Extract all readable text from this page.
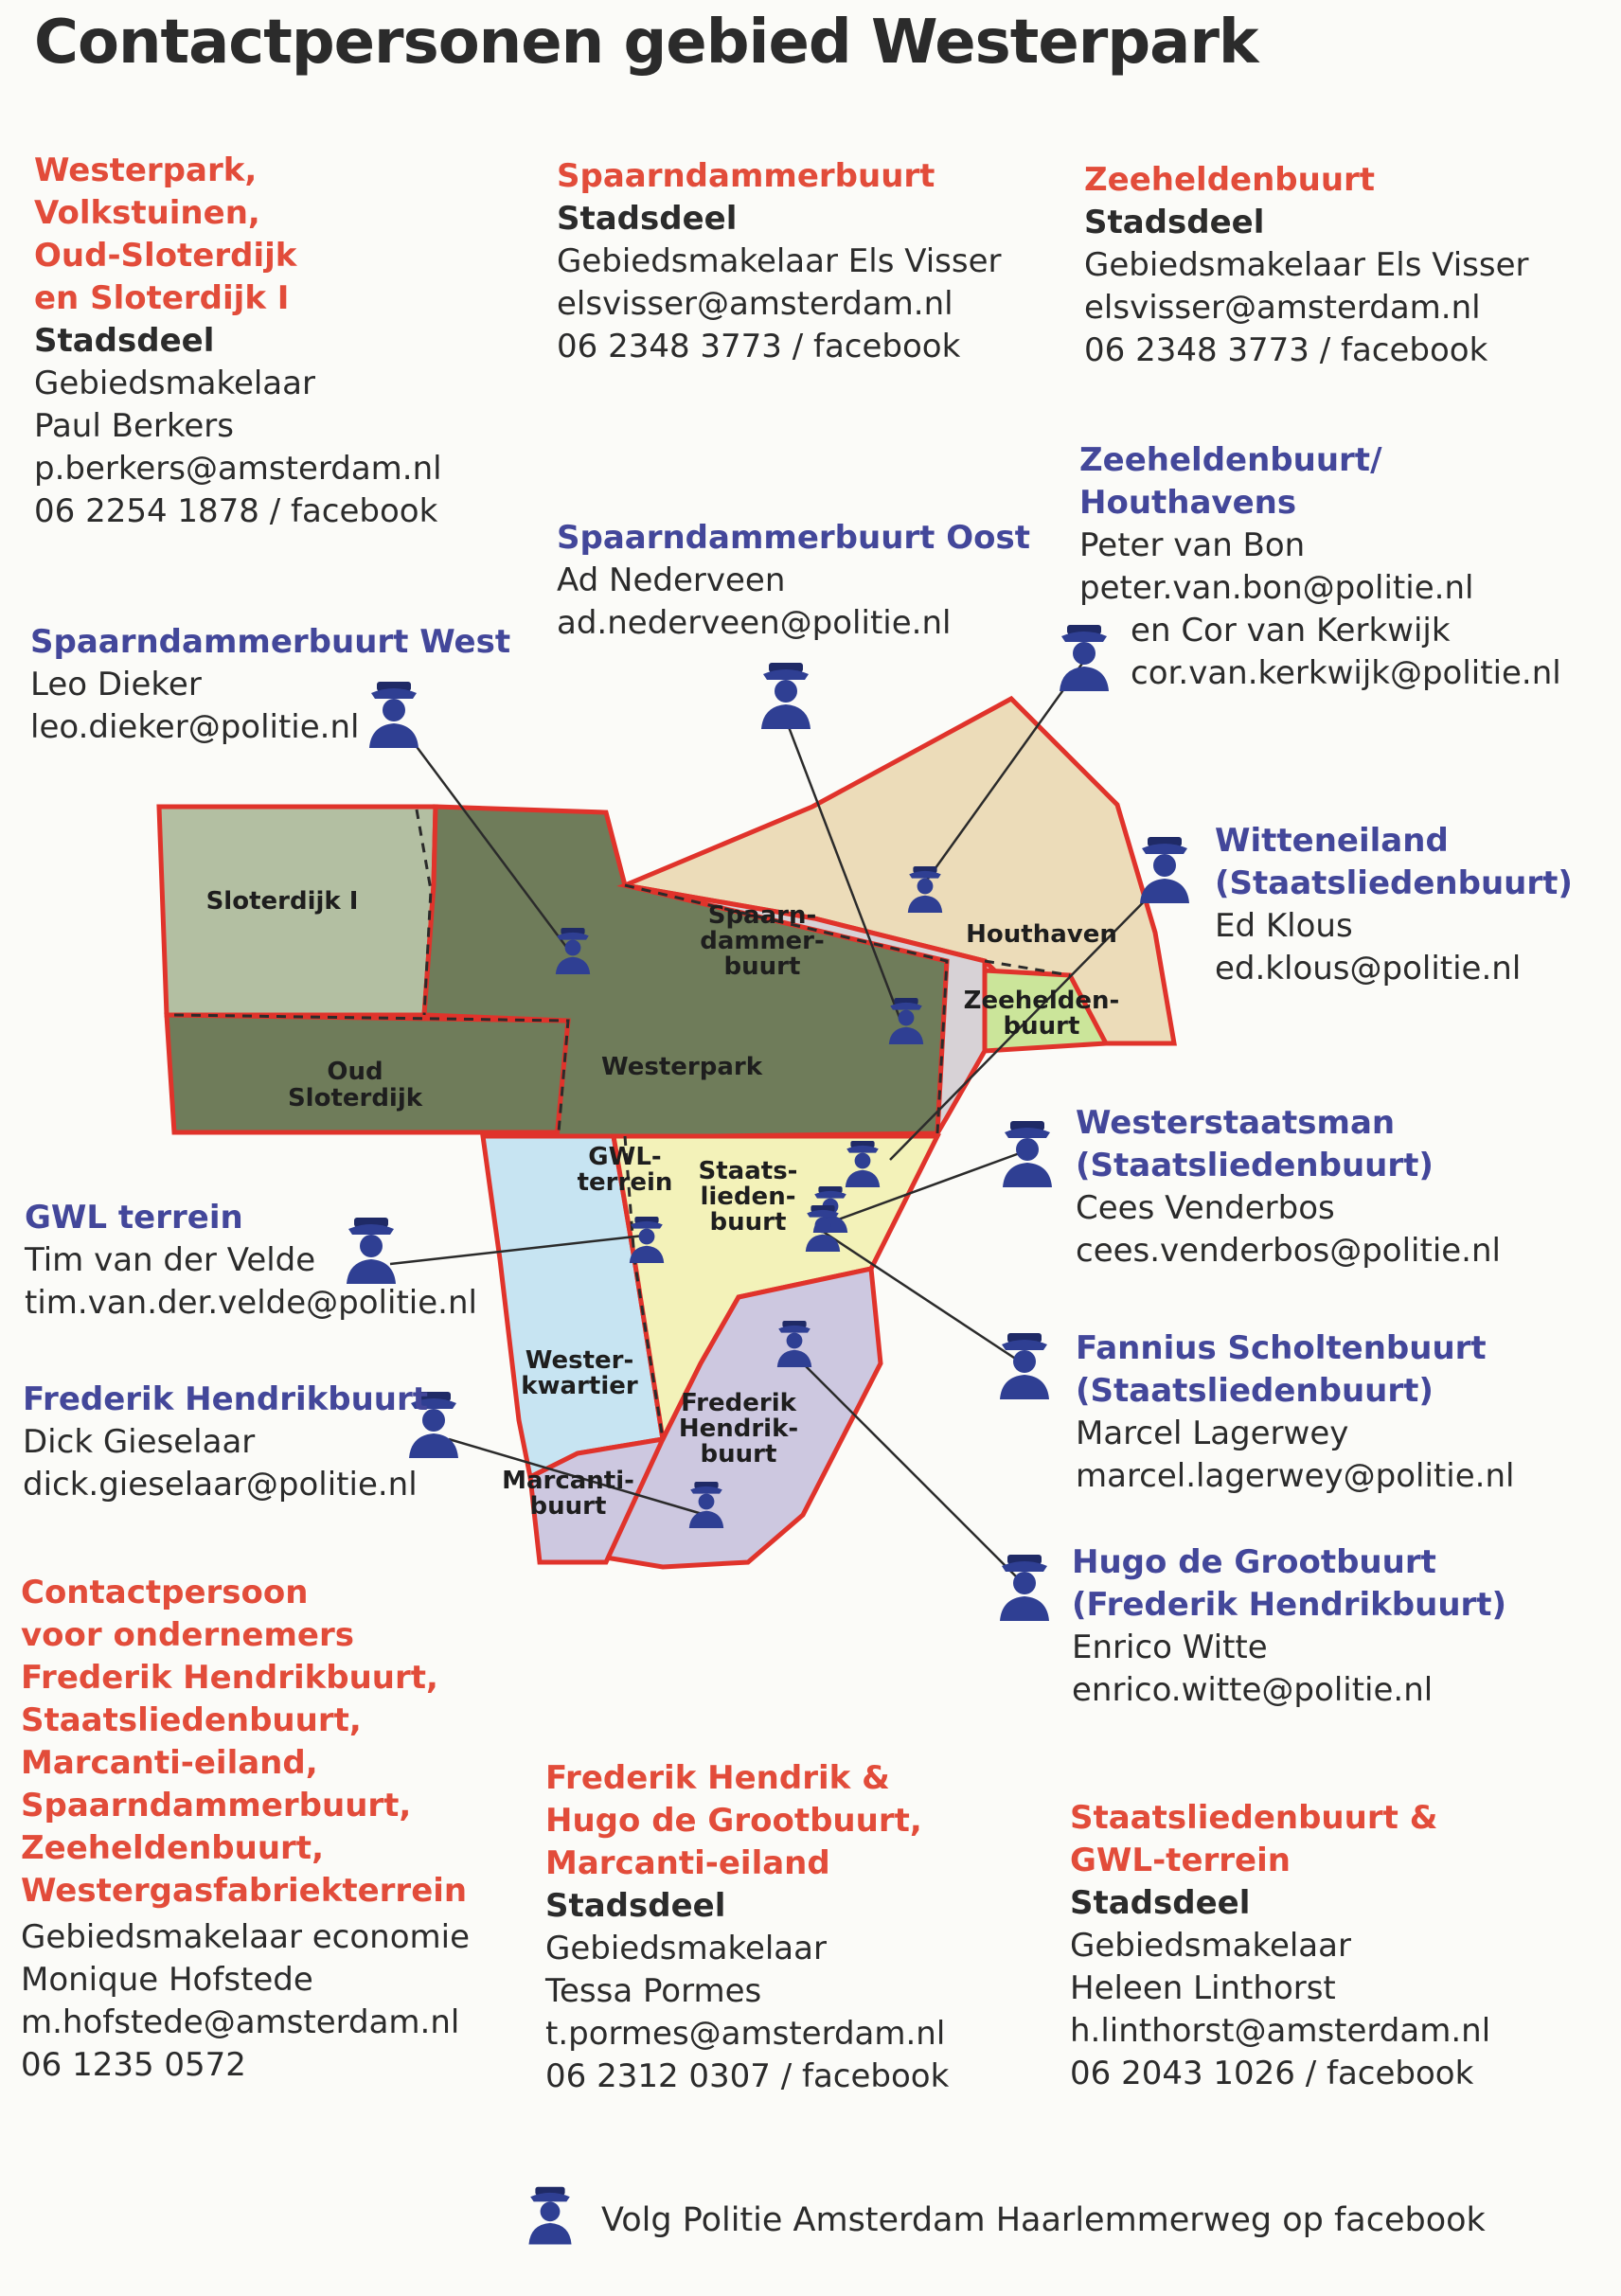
Contactpersonen gebied Westerpark
Sloterdijk I
Oud Sloterdijk
Westerpark
Spaarn-dammer-buurt
Houthaven
Zeehelden-buurt
GWL-terrein Staats-lieden-buurt
Wester-kwartier
Frederik Hendrik-buurt
Marcanti-buurt
Westerpark,
Volkstuinen,
Oud-Sloterdijk
en Sloterdijk I
Stadsdeel
Gebiedsmakelaar
Paul Berkers
p.berkers@amsterdam.nl
06 2254 1878 / facebook
Spaarndammerbuurt
Stadsdeel
Gebiedsmakelaar Els Visser
elsvisser@amsterdam.nl
06 2348 3773 / facebook
Zeeheldenbuurt
Stadsdeel
Gebiedsmakelaar Els Visser
elsvisser@amsterdam.nl
06 2348 3773 / facebook
Zeeheldenbuurt/
Houthavens
Peter van Bon
peter.van.bon@politie.nl
en Cor van Kerkwijk
cor.van.kerkwijk@politie.nl
Spaarndammerbuurt Oost
Ad Nederveen
ad.nederveen@politie.nl
Spaarndammerbuurt West
Leo Dieker
leo.dieker@politie.nl
Witteneiland
(Staatsliedenbuurt)
Ed Klous
ed.klous@politie.nl
Westerstaatsman
(Staatsliedenbuurt)
Cees Venderbos
cees.venderbos@politie.nl
GWL terrein
Tim van der Velde
tim.van.der.velde@politie.nl
Fannius Scholtenbuurt
(Staatsliedenbuurt)
Marcel Lagerwey
marcel.lagerwey@politie.nl
Frederik Hendrikbuurt
Dick Gieselaar
dick.gieselaar@politie.nl
Hugo de Grootbuurt
(Frederik Hendrikbuurt)
Enrico Witte
enrico.witte@politie.nl
Contactpersoon
voor ondernemers
Frederik Hendrikbuurt,
Staatsliedenbuurt,
Marcanti-eiland,
Spaarndammerbuurt,
Zeeheldenbuurt,
Westergasfabriekterrein
Gebiedsmakelaar economie
Monique Hofstede
m.hofstede@amsterdam.nl
06 1235 0572
Frederik Hendrik &
Hugo de Grootbuurt,
Marcanti-eiland
Stadsdeel
Gebiedsmakelaar
Tessa Pormes
t.pormes@amsterdam.nl
06 2312 0307 / facebook
Staatsliedenbuurt &
GWL-terrein
Stadsdeel
Gebiedsmakelaar
Heleen Linthorst
h.linthorst@amsterdam.nl
06 2043 1026 / facebook
Volg Politie Amsterdam Haarlemmerweg op facebook
